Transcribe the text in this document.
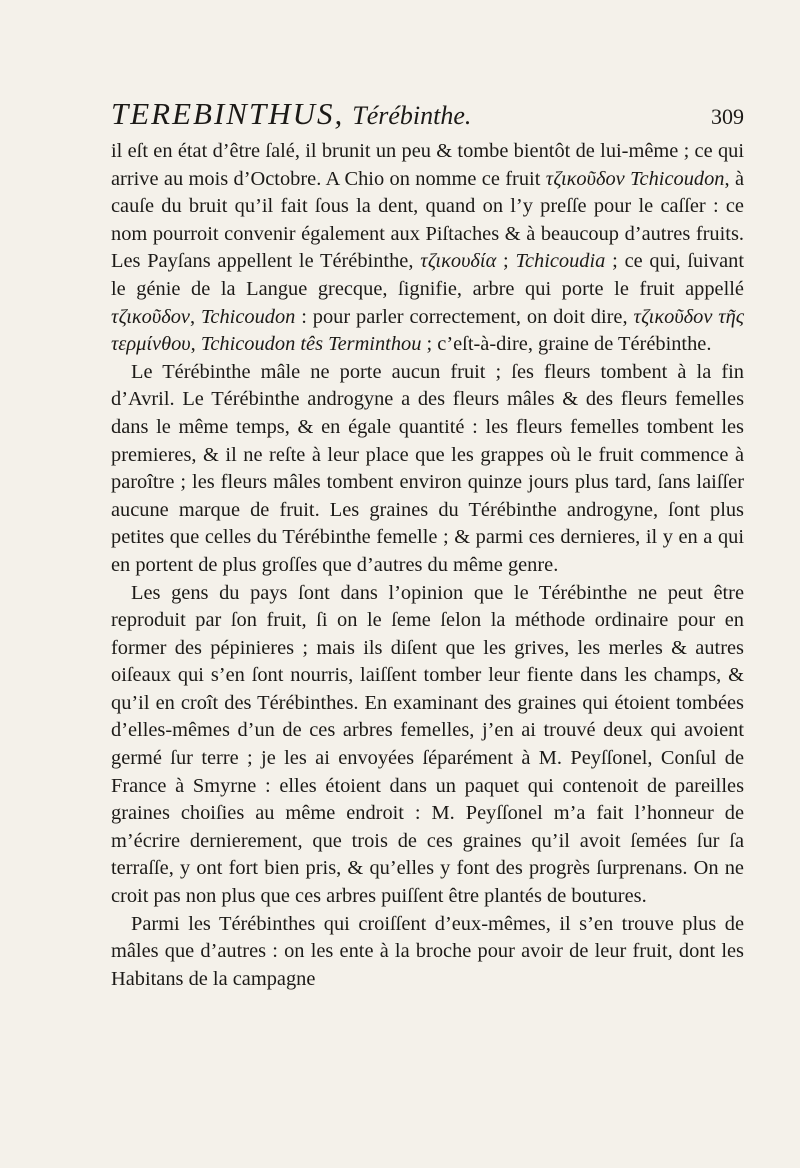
TEREBINTHUS , Térébinthe.	309

il eſt en état d’être ſalé, il brunit un peu & tombe bientôt de lui-même ; ce qui arrive au mois d’Octobre. A Chio on nomme ce fruit τζικοῦδον Tchicoudon, à cauſe du bruit qu’il fait ſous la dent, quand on l’y preſſe pour le caſſer : ce nom pourroit convenir également aux Piſtaches & à beaucoup d’autres fruits. Les Payſans appellent le Térébinthe, τζικουδία ; Tchicoudia ; ce qui, ſuivant le génie de la Langue grecque, ſignifie, arbre qui porte le fruit appellé τζικοῦδον, Tchicoudon : pour parler correctement, on doit dire, τζικοῦδον τῆς τερμίνθου, Tchicoudon tês Terminthou ; c’eſt-à-dire, graine de Térébinthe.

Le Térébinthe mâle ne porte aucun fruit ; ſes fleurs tombent à la fin d’Avril. Le Térébinthe androgyne a des fleurs mâles & des fleurs femelles dans le même temps, & en égale quantité : les fleurs femelles tombent les premieres, & il ne reſte à leur place que les grappes où le fruit commence à paroître ; les fleurs mâles tombent environ quinze jours plus tard, ſans laiſſer aucune marque de fruit. Les graines du Térébinthe androgyne, ſont plus petites que celles du Térébinthe femelle ; & parmi ces dernieres, il y en a qui en portent de plus groſſes que d’autres du même genre.

Les gens du pays ſont dans l’opinion que le Térébinthe ne peut être reproduit par ſon fruit, ſi on le ſeme ſelon la méthode ordinaire pour en former des pépinieres ; mais ils diſent que les grives, les merles & autres oiſeaux qui s’en ſont nourris, laiſſent tomber leur fiente dans les champs, & qu’il en croît des Térébinthes. En examinant des graines qui étoient tombées d’elles-mêmes d’un de ces arbres femelles, j’en ai trouvé deux qui avoient germé ſur terre ; je les ai envoyées ſéparément à M. Peyſſonel, Conſul de France à Smyrne : elles étoient dans un paquet qui contenoit de pareilles graines choiſies au même endroit : M. Peyſſonel m’a fait l’honneur de m’écrire dernierement, que trois de ces graines qu’il avoit ſemées ſur ſa terraſſe, y ont fort bien pris, & qu’elles y font des progrès ſurprenans. On ne croit pas non plus que ces arbres puiſſent être plantés de boutures.

Parmi les Térébinthes qui croiſſent d’eux-mêmes, il s’en trouve plus de mâles que d’autres : on les ente à la broche pour avoir de leur fruit, dont les Habitans de la campagne
